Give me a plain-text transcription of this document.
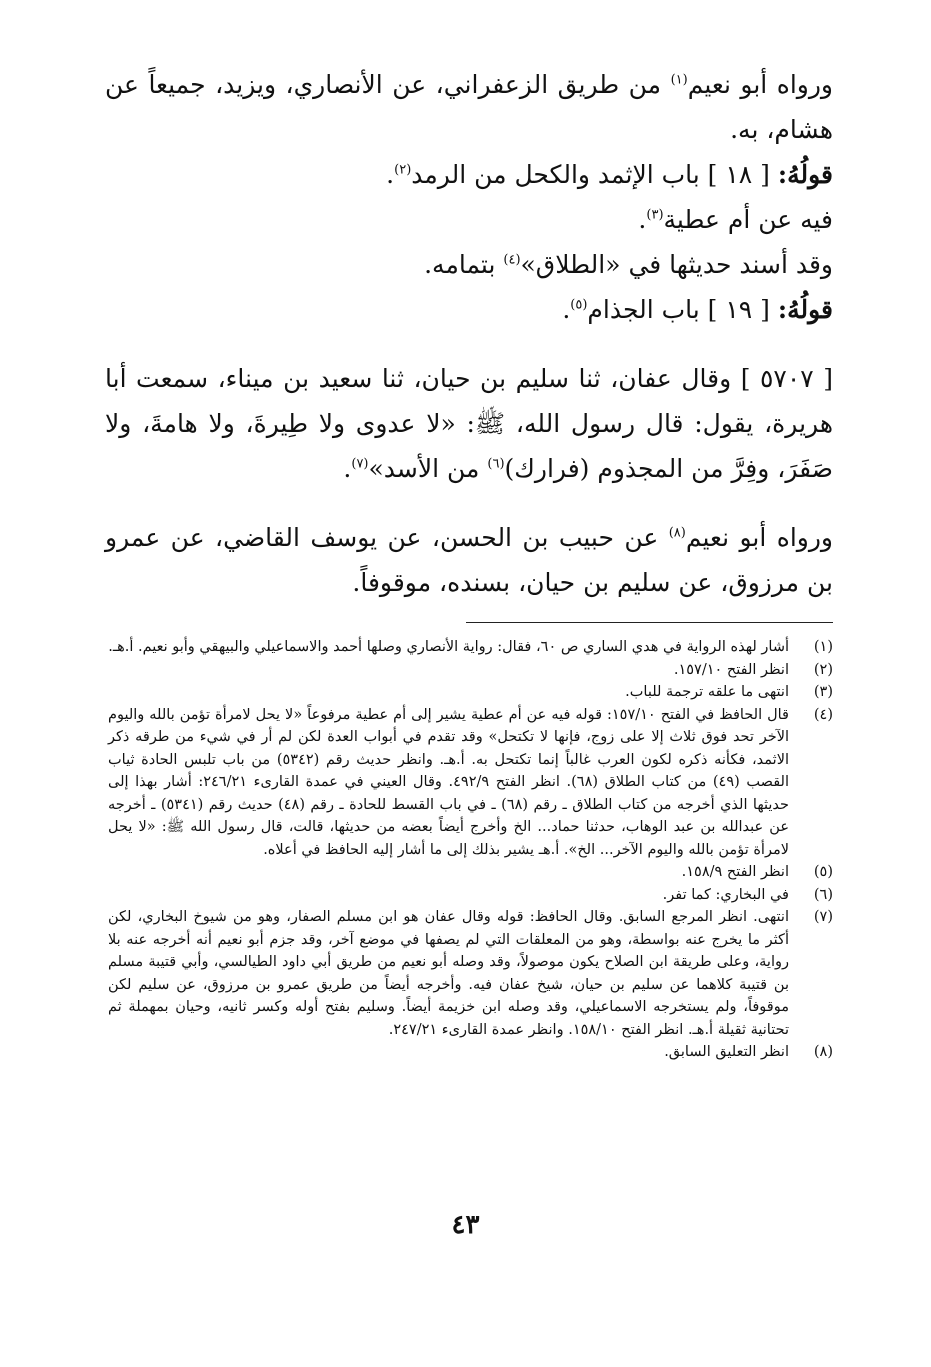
ورواه أبو نعيم$^{(١)}$ من طريق الزعفراني، عن الأنصاري، ويزيد، جميعاً عن هشام، به.

قولُهُ: [ ١٨ ] باب الإثمد والكحل من الرمد$^{(٢)}$.

فيه عن أم عطية$^{(٣)}$.

وقد أسند حديثها في «الطلاق»$^{(٤)}$ بتمامه.

قولُهُ: [ ١٩ ] باب الجذام$^{(٥)}$.

[ ٥٧٠٧ ] وقال عفان، ثنا سليم بن حيان، ثنا سعيد بن ميناء، سمعت أبا هريرة، يقول: قال رسول الله، ﷺ: «لا عدوى ولا طِيرةَ، ولا هامةَ، ولا صَفَرَ، وفِرَّ من المجذوم (فرارك)$^{(٦)}$ من الأسد»$^{(٧)}$.

ورواه أبو نعيم$^{(٨)}$ عن حبيب بن الحسن، عن يوسف القاضي، عن عمرو بن مرزوق، عن سليم بن حيان، بسنده، موقوفاً.

(١)
أشار لهذه الرواية في هدي الساري ص ٦٠، فقال: رواية الأنصاري وصلها أحمد والاسماعيلي والبيهقي وأبو نعيم. أ.هـ.
(٢)
انظر الفتح ١٥٧/١٠.
(٣)
انتهى ما علقه ترجمة للباب.
(٤)
قال الحافظ في الفتح ١٥٧/١٠: قوله فيه عن أم عطية يشير إلى أم عطية مرفوعاً «لا يحل لامرأة تؤمن بالله واليوم الآخر تحد فوق ثلاث إلا على زوج، فإنها لا تكتحل» وقد تقدم في أبواب العدة لكن لم أر في شيء من طرقه ذكر الاثمد، فكأنه ذكره لكون العرب غالباً إنما تكتحل به. أ.هـ. وانظر حديث رقم (٥٣٤٢) من باب تلبس الحادة ثياب القصب (٤٩) من كتاب الطلاق (٦٨). انظر الفتح ٤٩٢/٩. وقال العيني في عمدة القارىء ٢٤٦/٢١: أشار بهذا إلى حديثها الذي أخرجه من كتاب الطلاق ـ رقم (٦٨) ـ في باب القسط للحادة ـ رقم (٤٨) حديث رقم (٥٣٤١) ـ أخرجه عن عبدالله بن عبد الوهاب، حدثنا حماد... الخ وأخرج أيضاً بعضه من حديثها، قالت، قال رسول الله ﷺ: «لا يحل لامرأة تؤمن بالله واليوم الآخر... الخ». أ.هـ يشير بذلك إلى ما أشار إليه الحافظ في أعلاه.
(٥)
انظر الفتح ١٥٨/٩.
(٦)
في البخاري: كما تفر.
(٧)
انتهى. انظر المرجع السابق. وقال الحافظ: قوله وقال عفان هو ابن مسلم الصفار، وهو من شيوخ البخاري، لكن أكثر ما يخرج عنه بواسطة، وهو من المعلقات التي لم يصفها في موضع آخر، وقد جزم أبو نعيم أنه أخرجه عنه بلا رواية، وعلى طريقة ابن الصلاح يكون موصولاً، وقد وصله أبو نعيم من طريق أبي داود الطيالسي، وأبي قتيبة مسلم بن قتيبة كلاهما عن سليم بن حيان، شيخ عفان فيه. وأخرجه أيضاً من طريق عمرو بن مرزوق، عن سليم لكن موقوفاً، ولم يستخرجه الاسماعيلي، وقد وصله ابن خزيمة أيضاً. وسليم بفتح أوله وكسر ثانيه، وحيان بمهملة ثم تحتانية ثقيلة أ.هـ. انظر الفتح ١٥٨/١٠. وانظر عمدة القارىء ٢٤٧/٢١.
(٨)
انظر التعليق السابق.
٤٣
